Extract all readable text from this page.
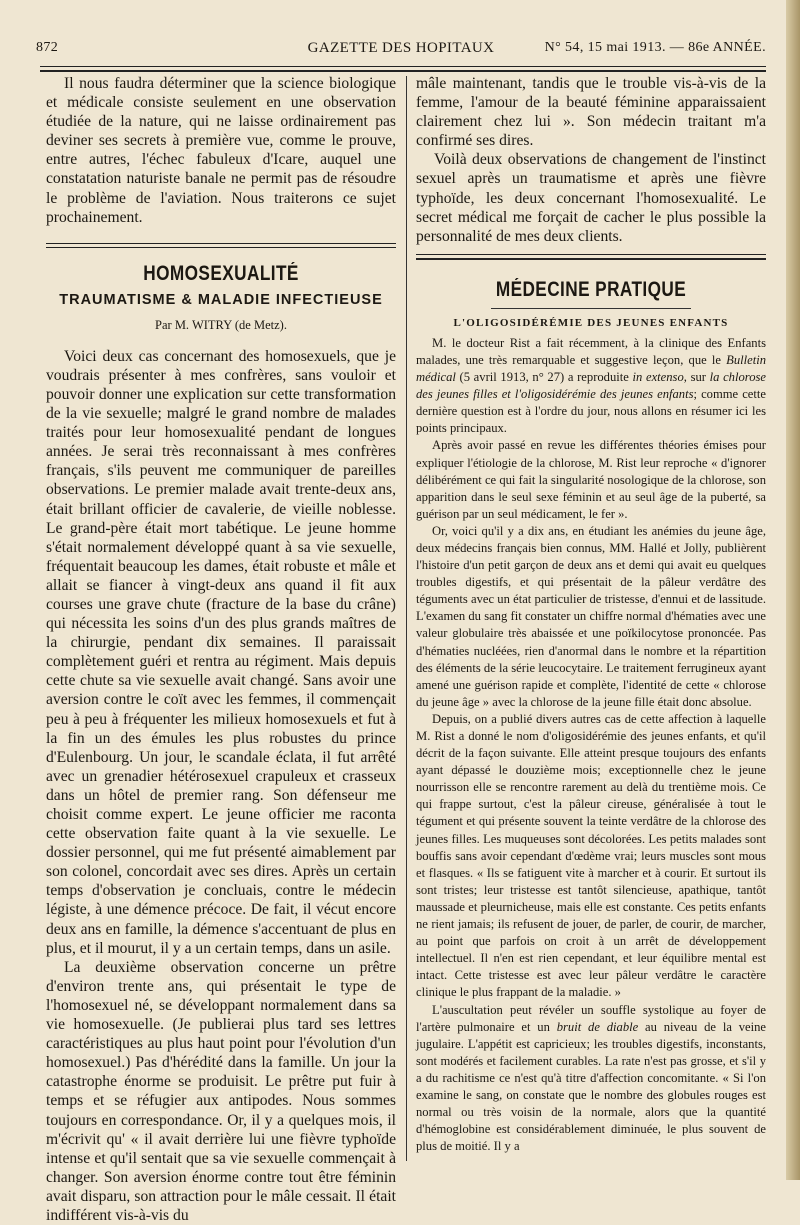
872	GAZETTE DES HOPITAUX	N° 54, 15 mai 1913. — 86e ANNÉE.

Il nous faudra déterminer que la science biologique et médicale consiste seulement en une observation étudiée de la nature, qui ne laisse ordinairement pas deviner ses secrets à première vue, comme le prouve, entre autres, l'échec fabuleux d'Icare, auquel une constatation naturiste banale ne permit pas de résoudre le problème de l'aviation. Nous traiterons ce sujet prochainement.

HOMOSEXUALITÉ
TRAUMATISME & MALADIE INFECTIEUSE
Par M. WITRY (de Metz).

Voici deux cas concernant des homosexuels, que je voudrais présenter à mes confrères, sans vouloir et pouvoir donner une explication sur cette transformation de la vie sexuelle; malgré le grand nombre de malades traités pour leur homosexualité pendant de longues années. Je serai très reconnaissant à mes confrères français, s'ils peuvent me communiquer de pareilles observations. Le premier malade avait trente-deux ans, était brillant officier de cavalerie, de vieille noblesse. Le grand-père était mort tabétique. Le jeune homme s'était normalement développé quant à sa vie sexuelle, fréquentait beaucoup les dames, était robuste et mâle et allait se fiancer à vingt-deux ans quand il fit aux courses une grave chute (fracture de la base du crâne) qui nécessita les soins d'un des plus grands maîtres de la chirurgie, pendant dix semaines. Il paraissait complètement guéri et rentra au régiment. Mais depuis cette chute sa vie sexuelle avait changé. Sans avoir une aversion contre le coït avec les femmes, il commençait peu à peu à fréquenter les milieux homosexuels et fut à la fin un des émules les plus robustes du prince d'Eulenbourg. Un jour, le scandale éclata, il fut arrêté avec un grenadier hétérosexuel crapuleux et crasseux dans un hôtel de premier rang. Son défenseur me choisit comme expert. Le jeune officier me raconta cette observation faite quant à la vie sexuelle. Le dossier personnel, qui me fut présenté aimablement par son colonel, concordait avec ses dires. Après un certain temps d'observation je concluais, contre le médecin légiste, à une démence précoce. De fait, il vécut encore deux ans en famille, la démence s'accentuant de plus en plus, et il mourut, il y a un certain temps, dans un asile.

La deuxième observation concerne un prêtre d'environ trente ans, qui présentait le type de l'homosexuel né, se développant normalement dans sa vie homosexuelle. (Je publierai plus tard ses lettres caractéristiques au plus haut point pour l'évolution d'un homosexuel.) Pas d'hérédité dans la famille. Un jour la catastrophe énorme se produisit. Le prêtre put fuir à temps et se réfugier aux antipodes. Nous sommes toujours en correspondance. Or, il y a quelques mois, il m'écrivit qu' « il avait derrière lui une fièvre typhoïde intense et qu'il sentait que sa vie sexuelle commençait à changer. Son aversion énorme contre tout être féminin avait disparu, son attraction pour le mâle cessait. Il était indifférent vis-à-vis du

mâle maintenant, tandis que le trouble vis-à-vis de la femme, l'amour de la beauté féminine apparaissaient clairement chez lui ». Son médecin traitant m'a confirmé ses dires.

Voilà deux observations de changement de l'instinct sexuel après un traumatisme et après une fièvre typhoïde, les deux concernant l'homosexualité. Le secret médical me forçait de cacher le plus possible la personnalité de mes deux clients.

MÉDECINE PRATIQUE
L'OLIGOSIDÉRÉMIE DES JEUNES ENFANTS

M. le docteur Rist a fait récemment, à la clinique des Enfants malades, une très remarquable et suggestive leçon, que le Bulletin médical (5 avril 1913, n° 27) a reproduite in extenso, sur la chlorose des jeunes filles et l'oligosidérémie des jeunes enfants; comme cette dernière question est à l'ordre du jour, nous allons en résumer ici les points principaux.

Après avoir passé en revue les différentes théories émises pour expliquer l'étiologie de la chlorose, M. Rist leur reproche « d'ignorer délibérément ce qui fait la singularité nosologique de la chlorose, son apparition dans le seul sexe féminin et au seul âge de la puberté, sa guérison par un seul médicament, le fer ».

Or, voici qu'il y a dix ans, en étudiant les anémies du jeune âge, deux médecins français bien connus, MM. Hallé et Jolly, publièrent l'histoire d'un petit garçon de deux ans et demi qui avait eu quelques troubles digestifs, et qui présentait de la pâleur verdâtre des téguments avec un état particulier de tristesse, d'ennui et de lassitude. L'examen du sang fit constater un chiffre normal d'hématies avec une valeur globulaire très abaissée et une poïkilocytose prononcée. Pas d'hématies nucléées, rien d'anormal dans le nombre et la répartition des éléments de la série leucocytaire. Le traitement ferrugineux ayant amené une guérison rapide et complète, l'identité de cette « chlorose du jeune âge » avec la chlorose de la jeune fille était donc absolue.

Depuis, on a publié divers autres cas de cette affection à laquelle M. Rist a donné le nom d'oligosidérémie des jeunes enfants, et qu'il décrit de la façon suivante. Elle atteint presque toujours des enfants ayant dépassé le douzième mois; exceptionnelle chez le jeune nourrisson elle se rencontre rarement au delà du trentième mois. Ce qui frappe surtout, c'est la pâleur cireuse, généralisée à tout le tégument et qui présente souvent la teinte verdâtre de la chlorose des jeunes filles. Les muqueuses sont décolorées. Les petits malades sont bouffis sans avoir cependant d'œdème vrai; leurs muscles sont mous et flasques. « Ils se fatiguent vite à marcher et à courir. Et surtout ils sont tristes; leur tristesse est tantôt silencieuse, apathique, tantôt maussade et pleurnicheuse, mais elle est constante. Ces petits enfants ne rient jamais; ils refusent de jouer, de parler, de courir, de marcher, au point que parfois on croit à un arrêt de développement intellectuel. Il n'en est rien cependant, et leur équilibre mental est intact. Cette tristesse est avec leur pâleur verdâtre le caractère clinique le plus frappant de la maladie. »

L'auscultation peut révéler un souffle systolique au foyer de l'artère pulmonaire et un bruit de diable au niveau de la veine jugulaire. L'appétit est capricieux; les troubles digestifs, inconstants, sont modérés et facilement curables. La rate n'est pas grosse, et s'il y a du rachitisme ce n'est qu'à titre d'affection concomitante. « Si l'on examine le sang, on constate que le nombre des globules rouges est normal ou très voisin de la normale, alors que la quantité d'hémoglobine est considérablement diminuée, le plus souvent de plus de moitié. Il y a
